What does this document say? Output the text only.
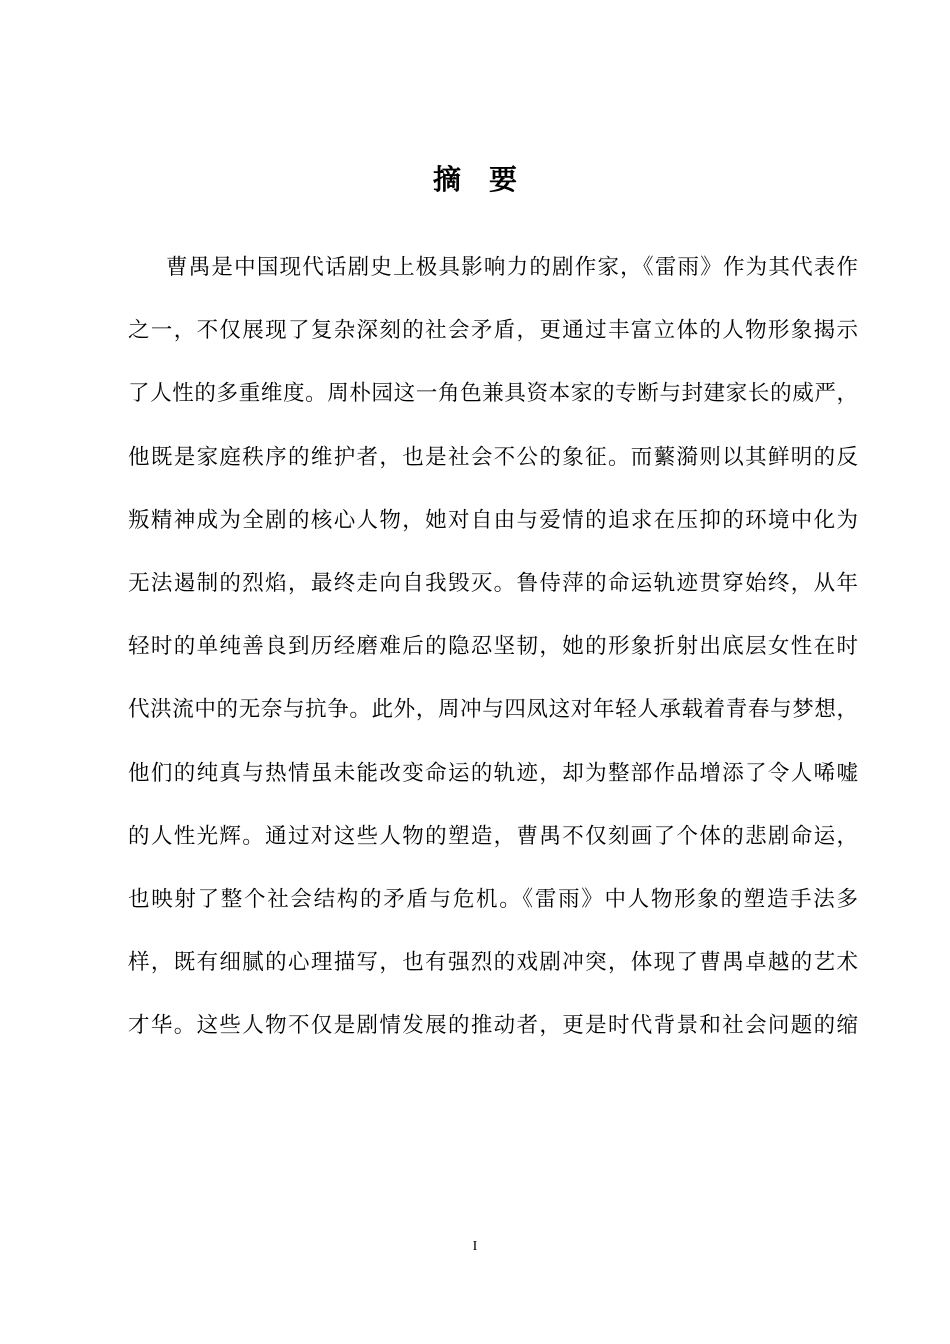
摘要
曹禺是中国现代话剧史上极具影响力的剧作家，《雷雨》作为其代表作
之一，不仅展现了复杂深刻的社会矛盾，更通过丰富立体的人物形象揭示
了人性的多重维度。周朴园这一角色兼具资本家的专断与封建家长的威严，
他既是家庭秩序的维护者，也是社会不公的象征。而蘩漪则以其鲜明的反
叛精神成为全剧的核心人物，她对自由与爱情的追求在压抑的环境中化为
无法遏制的烈焰，最终走向自我毁灭。鲁侍萍的命运轨迹贯穿始终，从年
轻时的单纯善良到历经磨难后的隐忍坚韧，她的形象折射出底层女性在时
代洪流中的无奈与抗争。此外，周冲与四凤这对年轻人承载着青春与梦想，
他们的纯真与热情虽未能改变命运的轨迹，却为整部作品增添了令人唏嘘
的人性光辉。通过对这些人物的塑造，曹禺不仅刻画了个体的悲剧命运，
也映射了整个社会结构的矛盾与危机。《雷雨》中人物形象的塑造手法多
样，既有细腻的心理描写，也有强烈的戏剧冲突，体现了曹禺卓越的艺术
才华。这些人物不仅是剧情发展的推动者，更是时代背景和社会问题的缩
I
